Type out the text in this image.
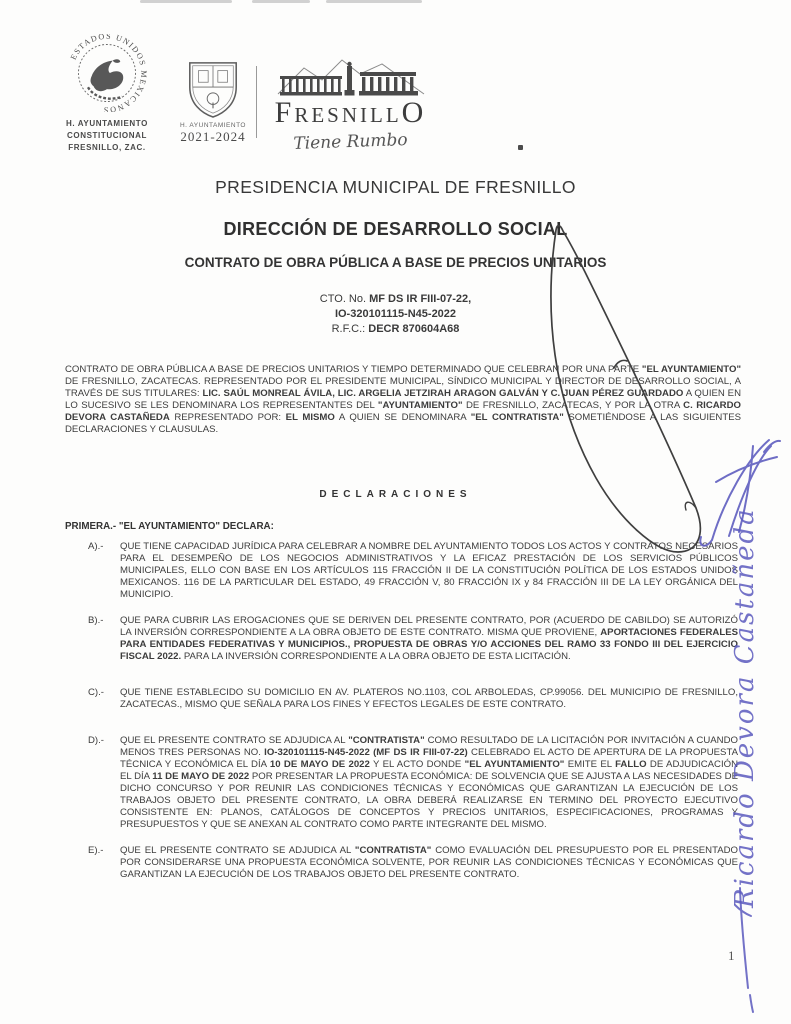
ESTADOS UNIDOS MEXICANOS
H. AYUNTAMIENTO
CONSTITUCIONAL
FRESNILLO, ZAC.
H. AYUNTAMIENTO
2021-2024
FRESNILLO
Tiene Rumbo
PRESIDENCIA MUNICIPAL DE FRESNILLO
DIRECCIÓN DE DESARROLLO SOCIAL
CONTRATO DE OBRA PÚBLICA A BASE DE PRECIOS UNITARIOS
CTO. No. MF DS IR FIII-07-22,
IO-320101115-N45-2022
R.F.C.: DECR 870604A68
CONTRATO DE OBRA PÚBLICA A BASE DE PRECIOS UNITARIOS Y TIEMPO DETERMINADO QUE CELEBRAN POR UNA PARTE "EL AYUNTAMIENTO" DE FRESNILLO, ZACATECAS. REPRESENTADO POR EL PRESIDENTE MUNICIPAL, SÍNDICO MUNICIPAL Y DIRECTOR DE DESARROLLO SOCIAL, A TRAVÉS DE SUS TITULARES: LIC. SAÚL MONREAL ÁVILA, LIC. ARGELIA JETZIRAH ARAGON GALVÁN Y C. JUAN PÉREZ GUARDADO A QUIEN EN LO SUCESIVO SE LES DENOMINARA LOS REPRESENTANTES DEL "AYUNTAMIENTO" DE FRESNILLO, ZACATECAS, Y POR LA OTRA C. RICARDO DEVORA CASTAÑEDA REPRESENTADO POR: EL MISMO A QUIEN SE DENOMINARA "EL CONTRATISTA" SOMETIÉNDOSE A LAS SIGUIENTES DECLARACIONES Y CLAUSULAS.
DECLARACIONES
PRIMERA.- "EL AYUNTAMIENTO" DECLARA:
A).-	QUE TIENE CAPACIDAD JURÍDICA PARA CELEBRAR A NOMBRE DEL AYUNTAMIENTO TODOS LOS ACTOS Y CONTRATOS NECESARIOS PARA EL DESEMPEÑO DE LOS NEGOCIOS ADMINISTRATIVOS Y LA EFICAZ PRESTACIÓN DE LOS SERVICIOS PÚBLICOS MUNICIPALES, ELLO CON BASE EN LOS ARTÍCULOS 115 FRACCIÓN II DE LA CONSTITUCIÓN POLÍTICA DE LOS ESTADOS UNIDOS MEXICANOS. 116 DE LA PARTICULAR DEL ESTADO, 49 FRACCIÓN V, 80 FRACCIÓN IX y 84 FRACCIÓN III DE LA LEY ORGÁNICA DEL MUNICIPIO.
B).-	QUE PARA CUBRIR LAS EROGACIONES QUE SE DERIVEN DEL PRESENTE CONTRATO, POR (ACUERDO DE CABILDO) SE AUTORIZÓ LA INVERSIÓN CORRESPONDIENTE A LA OBRA OBJETO DE ESTE CONTRATO. MISMA QUE PROVIENE, APORTACIONES FEDERALES PARA ENTIDADES FEDERATIVAS Y MUNICIPIOS., PROPUESTA DE OBRAS Y/O ACCIONES DEL RAMO 33 FONDO III DEL EJERCICIO FISCAL 2022. PARA LA INVERSIÓN CORRESPONDIENTE A LA OBRA OBJETO DE ESTA LICITACIÓN.
C).-	QUE TIENE ESTABLECIDO SU DOMICILIO EN AV. PLATEROS NO.1103, COL ARBOLEDAS, CP.99056. DEL MUNICIPIO DE FRESNILLO, ZACATECAS., MISMO QUE SEÑALA PARA LOS FINES Y EFECTOS LEGALES DE ESTE CONTRATO.
D).-	QUE EL PRESENTE CONTRATO SE ADJUDICA AL "CONTRATISTA" COMO RESULTADO DE LA LICITACIÓN POR INVITACIÓN A CUANDO MENOS TRES PERSONAS NO. IO-320101115-N45-2022 (MF DS IR FIII-07-22) CELEBRADO EL ACTO DE APERTURA DE LA PROPUESTA TÉCNICA Y ECONÓMICA EL DÍA 10 DE MAYO DE 2022 Y EL ACTO DONDE "EL AYUNTAMIENTO" EMITE EL FALLO DE ADJUDICACIÓN EL DÍA 11 DE MAYO DE 2022 POR PRESENTAR LA PROPUESTA ECONÓMICA: DE SOLVENCIA QUE SE AJUSTA A LAS NECESIDADES DE DICHO CONCURSO Y POR REUNIR LAS CONDICIONES TÉCNICAS Y ECONÓMICAS QUE GARANTIZAN LA EJECUCIÓN DE LOS TRABAJOS OBJETO DEL PRESENTE CONTRATO, LA OBRA DEBERÁ REALIZARSE EN TERMINO DEL PROYECTO EJECUTIVO CONSISTENTE EN: PLANOS, CATÁLOGOS DE CONCEPTOS Y PRECIOS UNITARIOS, ESPECIFICACIONES, PROGRAMAS Y PRESUPUESTOS Y QUE SE ANEXAN AL CONTRATO COMO PARTE INTEGRANTE DEL MISMO.
E).-	QUE EL PRESENTE CONTRATO SE ADJUDICA AL "CONTRATISTA" COMO EVALUACIÓN DEL PRESUPUESTO POR EL PRESENTADO POR CONSIDERARSE UNA PROPUESTA ECONÓMICA SOLVENTE, POR REUNIR LAS CONDICIONES TÉCNICAS Y ECONÓMICAS QUE GARANTIZAN LA EJECUCIÓN DE LOS TRABAJOS OBJETO DEL PRESENTE CONTRATO.
1
Ricardo Devora Castañeda
